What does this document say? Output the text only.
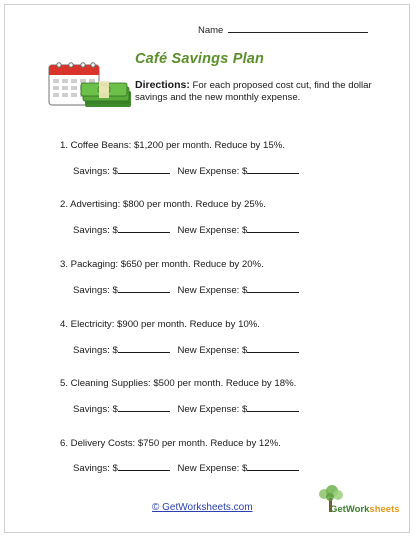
Name
Café Savings Plan
Directions: For each proposed cost cut, find the dollar savings and the new monthly expense.
1. Coffee Beans: $1,200 per month. Reduce by 15%.
Savings: $	New Expense: $
2. Advertising: $800 per month. Reduce by 25%.
Savings: $	New Expense: $
3. Packaging: $650 per month. Reduce by 20%.
Savings: $	New Expense: $
4. Electricity: $900 per month. Reduce by 10%.
Savings: $	New Expense: $
5. Cleaning Supplies: $500 per month. Reduce by 18%.
Savings: $	New Expense: $
6. Delivery Costs: $750 per month. Reduce by 12%.
Savings: $	New Expense: $
© GetWorksheets.com	GetWorksheets
